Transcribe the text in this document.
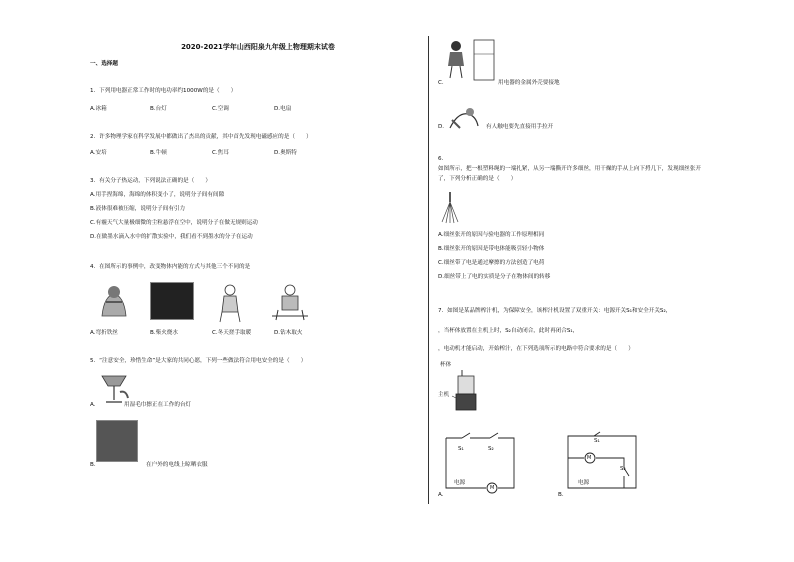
2020-2021学年山西阳泉九年级上物理期末试卷
一、选择题
1．下列用电器正常工作时的电功率约1000W的是（　　）
A.冰箱	B.台灯	C.空调	D.电扇
2．许多物理学家在科学发展中都做出了杰出的贡献，其中首先发现电磁感应的是（　　）
A.安培	B.牛顿	C.焦耳	D.奥斯特
3．有关分子热运动，下列说法正确的是（　　）
A.用手捏海绵，海绵的体积变小了，说明分子间有间隙
B.液体很难被压缩，说明分子间有引力
C.有霾天气大量极细微的尘粒悬浮在空中，说明分子在做无规则运动
D.在做墨水滴入水中的扩散实验中，我们看不到墨水的分子在运动
4．在图所示的事例中，改变物体内能的方式与其他三个不同的是
A.弯折铁丝	B.柴火烧水	C.冬天搓手取暖	D.钻木取火
5．“注意安全，珍惜生命”是大家的共同心愿，下列一些做法符合用电安全的是（　　）
A.	用湿毛巾擦正在工作的台灯
B.	在户外的电线上晾晒衣服
C.	用电器的金属外壳要接地
D.	有人触电要先直接用手拉开
6．
如图所示，把一根塑料绳的一端扎紧，从另一端撕开许多细丝，用干燥的手从上向下捋几下，发现细丝张开
了，下列分析正确的是（　　）
A.细丝张开的原因与验电器的工作原理相同
B.细丝张开的原因是带电体能吸引轻小物体
C.细丝带了电是通过摩擦的方法创造了电荷
D.细丝带上了电的实质是分子在物体间的转移
7．如图是某品牌榨汁机，为保障安全，该榨汁机设置了双重开关：电源开关S₁和安全开关S₂，
，当杯体放置在主机上时，S₂自动闭合，此时再闭合S₁，
，电动机才能启动，开始榨汁，在下列选项所示的电路中符合要求的是（　　）
杯体
主机
S₁	S₂
电源
M
A.
S₁
S₂
电源
M
B.
